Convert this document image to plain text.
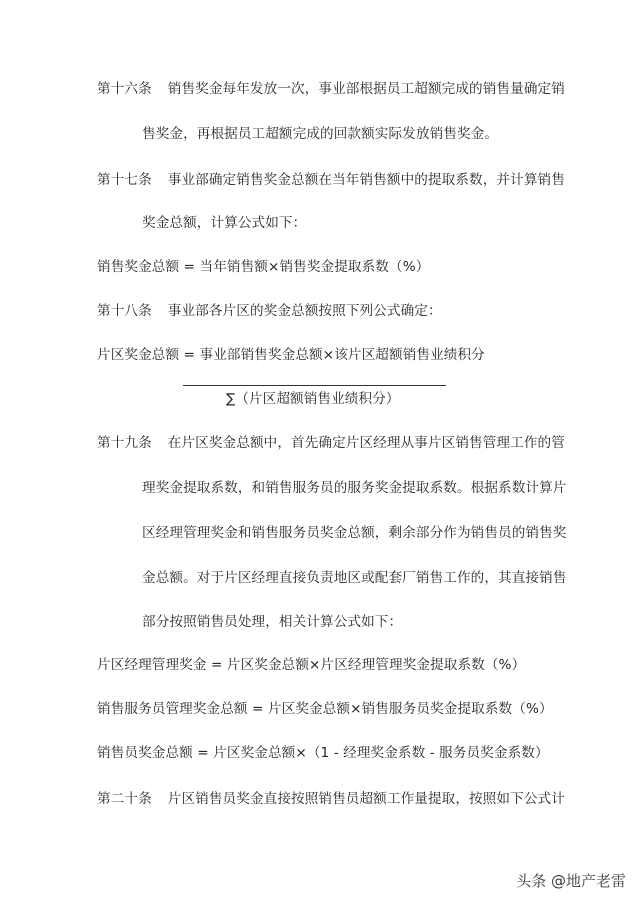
第十六条 销售奖金每年发放一次，事业部根据员工超额完成的销售量确定销
售奖金，再根据员工超额完成的回款额实际发放销售奖金。
第十七条 事业部确定销售奖金总额在当年销售额中的提取系数，并计算销售
奖金总额，计算公式如下：
销售奖金总额 = 当年销售额×销售奖金提取系数（%）
第十八条 事业部各片区的奖金总额按照下列公式确定：
片区奖金总额 = 事业部销售奖金总额×该片区超额销售业绩积分
∑（片区超额销售业绩积分）
第十九条 在片区奖金总额中，首先确定片区经理从事片区销售管理工作的管
理奖金提取系数，和销售服务员的服务奖金提取系数。根据系数计算片
区经理管理奖金和销售服务员奖金总额，剩余部分作为销售员的销售奖
金总额。对于片区经理直接负责地区或配套厂销售工作的，其直接销售
部分按照销售员处理，相关计算公式如下：
片区经理管理奖金 = 片区奖金总额×片区经理管理奖金提取系数（%）
销售服务员管理奖金总额 = 片区奖金总额×销售服务员奖金提取系数（%）
销售员奖金总额 = 片区奖金总额×（1 - 经理奖金系数 - 服务员奖金系数）
第二十条 片区销售员奖金直接按照销售员超额工作量提取，按照如下公式计
头条 @地产老雷
